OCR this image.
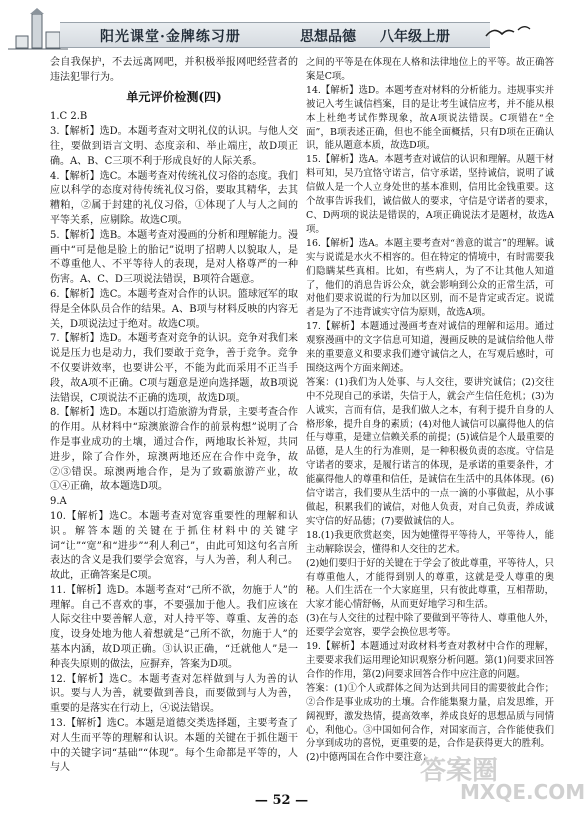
阳光课堂·金牌练习册	思想品德 八年级上册

会自我保护，不去远离网吧，并积极举报网吧经营者的违法犯罪行为。

单元评价检测(四)

1.C 2.B

3.【解析】选D。本题考查对文明礼仪的认识。与他人交往，要做到语言文明、态度亲和、举止端庄，故D项正确。A、B、C三项不利于形成良好的人际关系。

4.【解析】选C。本题考查对传统礼仪习俗的态度。我们应以科学的态度对待传统礼仪习俗，要取其精华，去其糟粕，②属于封建的礼仪习俗，①体现了人与人之间的平等关系，应剔除。故选C项。

5.【解析】选B。本题考查对漫画的分析和理解能力。漫画中“可是他是脸上的胎记”说明了招聘人以貌取人，是不尊重他人、不平等待人的表现，是对人格尊严的一种伤害。A、C、D三项说法错误，B项符合题意。

6.【解析】选C。本题考查对合作的认识。篮球冠军的取得是全体队员合作的结果。A、B项与材料反映的内容无关，D项说法过于绝对。故选C项。

7.【解析】选D。本题考查对竞争的认识。竞争对我们来说是压力也是动力，我们要敢于竞争，善于竞争。竞争不仅要讲效率，也要讲公平，不能为此而采用不正当手段，故A项不正确。C项与题意是逆向选择题，故B项说法错误，C项说法不正确的选项，故选D项。

8.【解析】选D。本题以打造旅游为背景，主要考查合作的作用。从材料中“琼澳旅游合作的前景构想”说明了合作是事业成功的土壤，通过合作，两地取长补短，共同进步，除了合作外，琼澳两地还应在合作中竞争，故②③错误。琼澳两地合作，是为了致霸旅游产业，故①④正确，故本题选D项。

9.A

10.【解析】选C。本题考查对宽容重要性的理解和认识。解答本题的关键在于抓住材料中的关键字词“让”“宽”和“进步”“利人利己”，由此可知这句名言所表达的含义是我们要学会宽容，与人为善，利人利己。故此，正确答案是C项。

11.【解析】选D。本题考查对“己所不欲，勿施于人”的理解。自己不喜欢的事，不要强加于他人。我们应该在人际交往中要善解人意，对人持平等、尊重、友善的态度，设身处地为他人着想就是“己所不欲，勿施于人”的基本内涵，故D项正确。③认识正确，“迁就他人”是一种丧失原则的做法，应摒弃，答案为D项。

12.【解析】选C。本题考查对怎样做到与人为善的认识。要与人为善，就要做到善良，而要做到与人为善，重要的是落实在行动上，④说法错误。

13.【解析】选C。本题是道德交类选择题，主要考查了对人生而平等的理解和认识。本题的关键在于抓住题干中的关键字词“基础”“体现”。每个生命都是平等的，人与人

之间的平等是在体现在人格和法律地位上的平等。故正确答案是C项。

14.【解析】选D。本题考查对材料的分析能力。违规事实并被记入考生诚信档案，目的是让考生诚信应考，并不能从根本上杜绝考试作弊现象，故A项说法错误。C项错在“全面”，B项表述正确，但也不能全面概括，只有D项在正确认识，能从题意本质，故选D项。

15.【解析】选A。本题考查对诚信的认识和理解。从题干材料可知，吴乃宜恪守诺言，信守承诺，坚持诚信，说明了诚信做人是一个人立身处世的基本准则，信用比金钱重要。这个故事告诉我们，诚信做人的要求，守信是守诺者的要求，C、D两项的说法是错误的，A项正确说法才是题材，故选A项。

16.【解析】选A。本题主要考查对“善意的谎言”的理解。诚实与说谎是水火不相容的。但在特定的情境中，有时需要我们隐瞒某些真相。比如，有些病人，为了不让其他人知道了，他们的消息告诉公众，就会影响到公众的正常生活，可对他们要求说谎的行为加以区别，而不是肯定或否定。说谎者是为了不违背诚实守信为原则，故选A项。

17.【解析】本题通过漫画考查对诚信的理解和运用。通过观察漫画中的文字信息可知道，漫画反映的是诚信给他人带来的重要意义和要求我们遵守诚信之人，在写观后感时，可围绕这两个方面来阐述。

答案：(1)我们为人处事、与人交往，要讲究诚信；(2)交往中不兑现自己的承诺，失信于人，就会产生信任危机；(3)为人诚实，言而有信，是我们做人之本，有利于提升自身的人格形象，提升自身的素质；(4)对他人诚信可以赢得他人的信任与尊重，是建立信赖关系的前提；(5)诚信是个人最重要的品德，是人生的行为准则，是一种积极负责的态度。守信是守诺者的要求，是履行诺言的体现，是承诺的重要条件，才能赢得他人的尊重和信任，是诚信在生活中的具体体现。(6)信守诺言，我们要从生活中的一点一滴的小事做起，从小事做起，积累我们的诚信，对他人负责，对自己负责，养成诚实守信的好品德；(7)要做诚信的人。

18.(1)我更欣赏赵奕，因为她懂得平等待人，平等待人，能主动解除误会，懂得和人交往的艺术。

(2)她们要归于好的关键在于学会了彼此尊重，平等待人，只有尊重他人，才能得到别人的尊重，这就是受人尊重的奥秘。人们生活在一个大家庭里，只有彼此尊重，互相帮助，大家才能心情舒畅，从而更好地学习和生活。

(3)在与人交往的过程中除了要做到平等待人、尊重他人外，还要学会宽容，要学会换位思考等。

19.【解析】本题通过对政材料考查对教材中合作的理解，主要要求我们运用理论知识观察分析问题。第(1)问要求回答合作的作用，第(2)问要求回答合作中应注意的问题。

答案：(1)①个人或群体之间为达到共同目的需要彼此合作；②合作是事业成功的土壤。合作能集聚力量，启发思维，开阔视野，激发热情，提高效率，养成良好的思想品质与同情心，利他心。③中国如何合作，对国家而言，合作能使我们分享到成功的喜悦，更重要的是，合作是获得更大的胜利。

(2)中德两国在合作中要注意：

答案圈
MXQE.COM
— 52 —
